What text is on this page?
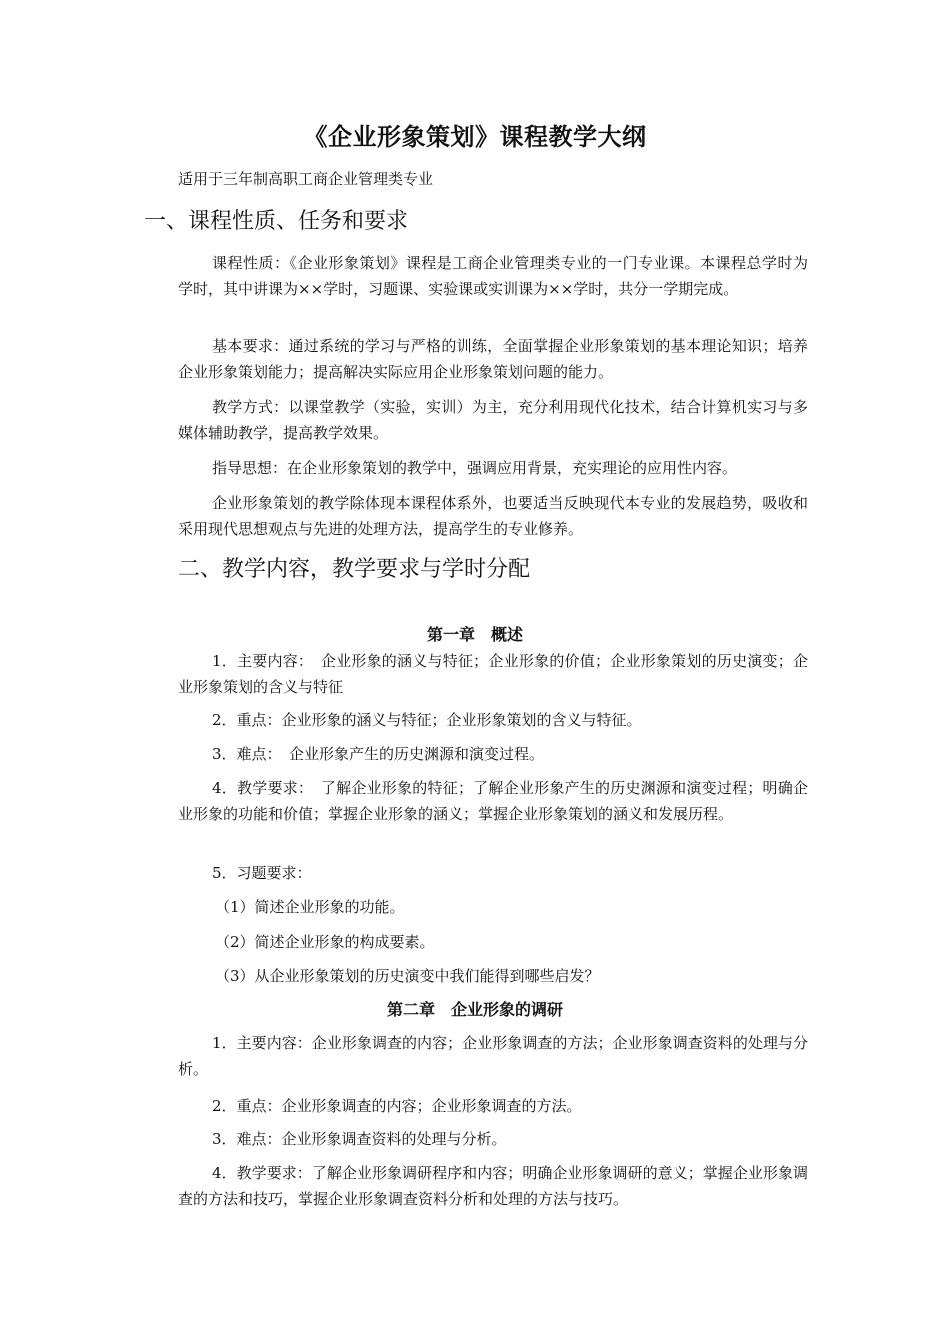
《企业形象策划》课程教学大纲
适用于三年制高职工商企业管理类专业
一、课程性质、任务和要求
课程性质：《企业形象策划》课程是工商企业管理类专业的一门专业课。本课程总学时为　 学时，其中讲课为××学时，习题课、实验课或实训课为××学时，共分一学期完成。
基本要求：通过系统的学习与严格的训练，全面掌握企业形象策划的基本理论知识；培养企业形象策划能力；提高解决实际应用企业形象策划问题的能力。
教学方式：以课堂教学（实验，实训）为主，充分利用现代化技术，结合计算机实习与多媒体辅助教学，提高教学效果。
指导思想：在企业形象策划的教学中，强调应用背景，充实理论的应用性内容。
企业形象策划的教学除体现本课程体系外，也要适当反映现代本专业的发展趋势，吸收和采用现代思想观点与先进的处理方法，提高学生的专业修养。
二、教学内容，教学要求与学时分配
第一章　概述
1．主要内容：　企业形象的涵义与特征；企业形象的价值；企业形象策划的历史演变；企业形象策划的含义与特征
2．重点：企业形象的涵义与特征；企业形象策划的含义与特征。
3．难点：　企业形象产生的历史渊源和演变过程。
4．教学要求：　了解企业形象的特征；了解企业形象产生的历史渊源和演变过程；明确企业形象的功能和价值；掌握企业形象的涵义；掌握企业形象策划的涵义和发展历程。
5．习题要求：
（1）简述企业形象的功能。
（2）简述企业形象的构成要素。
（3）从企业形象策划的历史演变中我们能得到哪些启发？
第二章　企业形象的调研
1．主要内容：企业形象调查的内容；企业形象调查的方法；企业形象调查资料的处理与分析。
2．重点：企业形象调查的内容；企业形象调查的方法。
3．难点：企业形象调查资料的处理与分析。
4．教学要求：了解企业形象调研程序和内容；明确企业形象调研的意义；掌握企业形象调查的方法和技巧，掌握企业形象调查资料分析和处理的方法与技巧。
